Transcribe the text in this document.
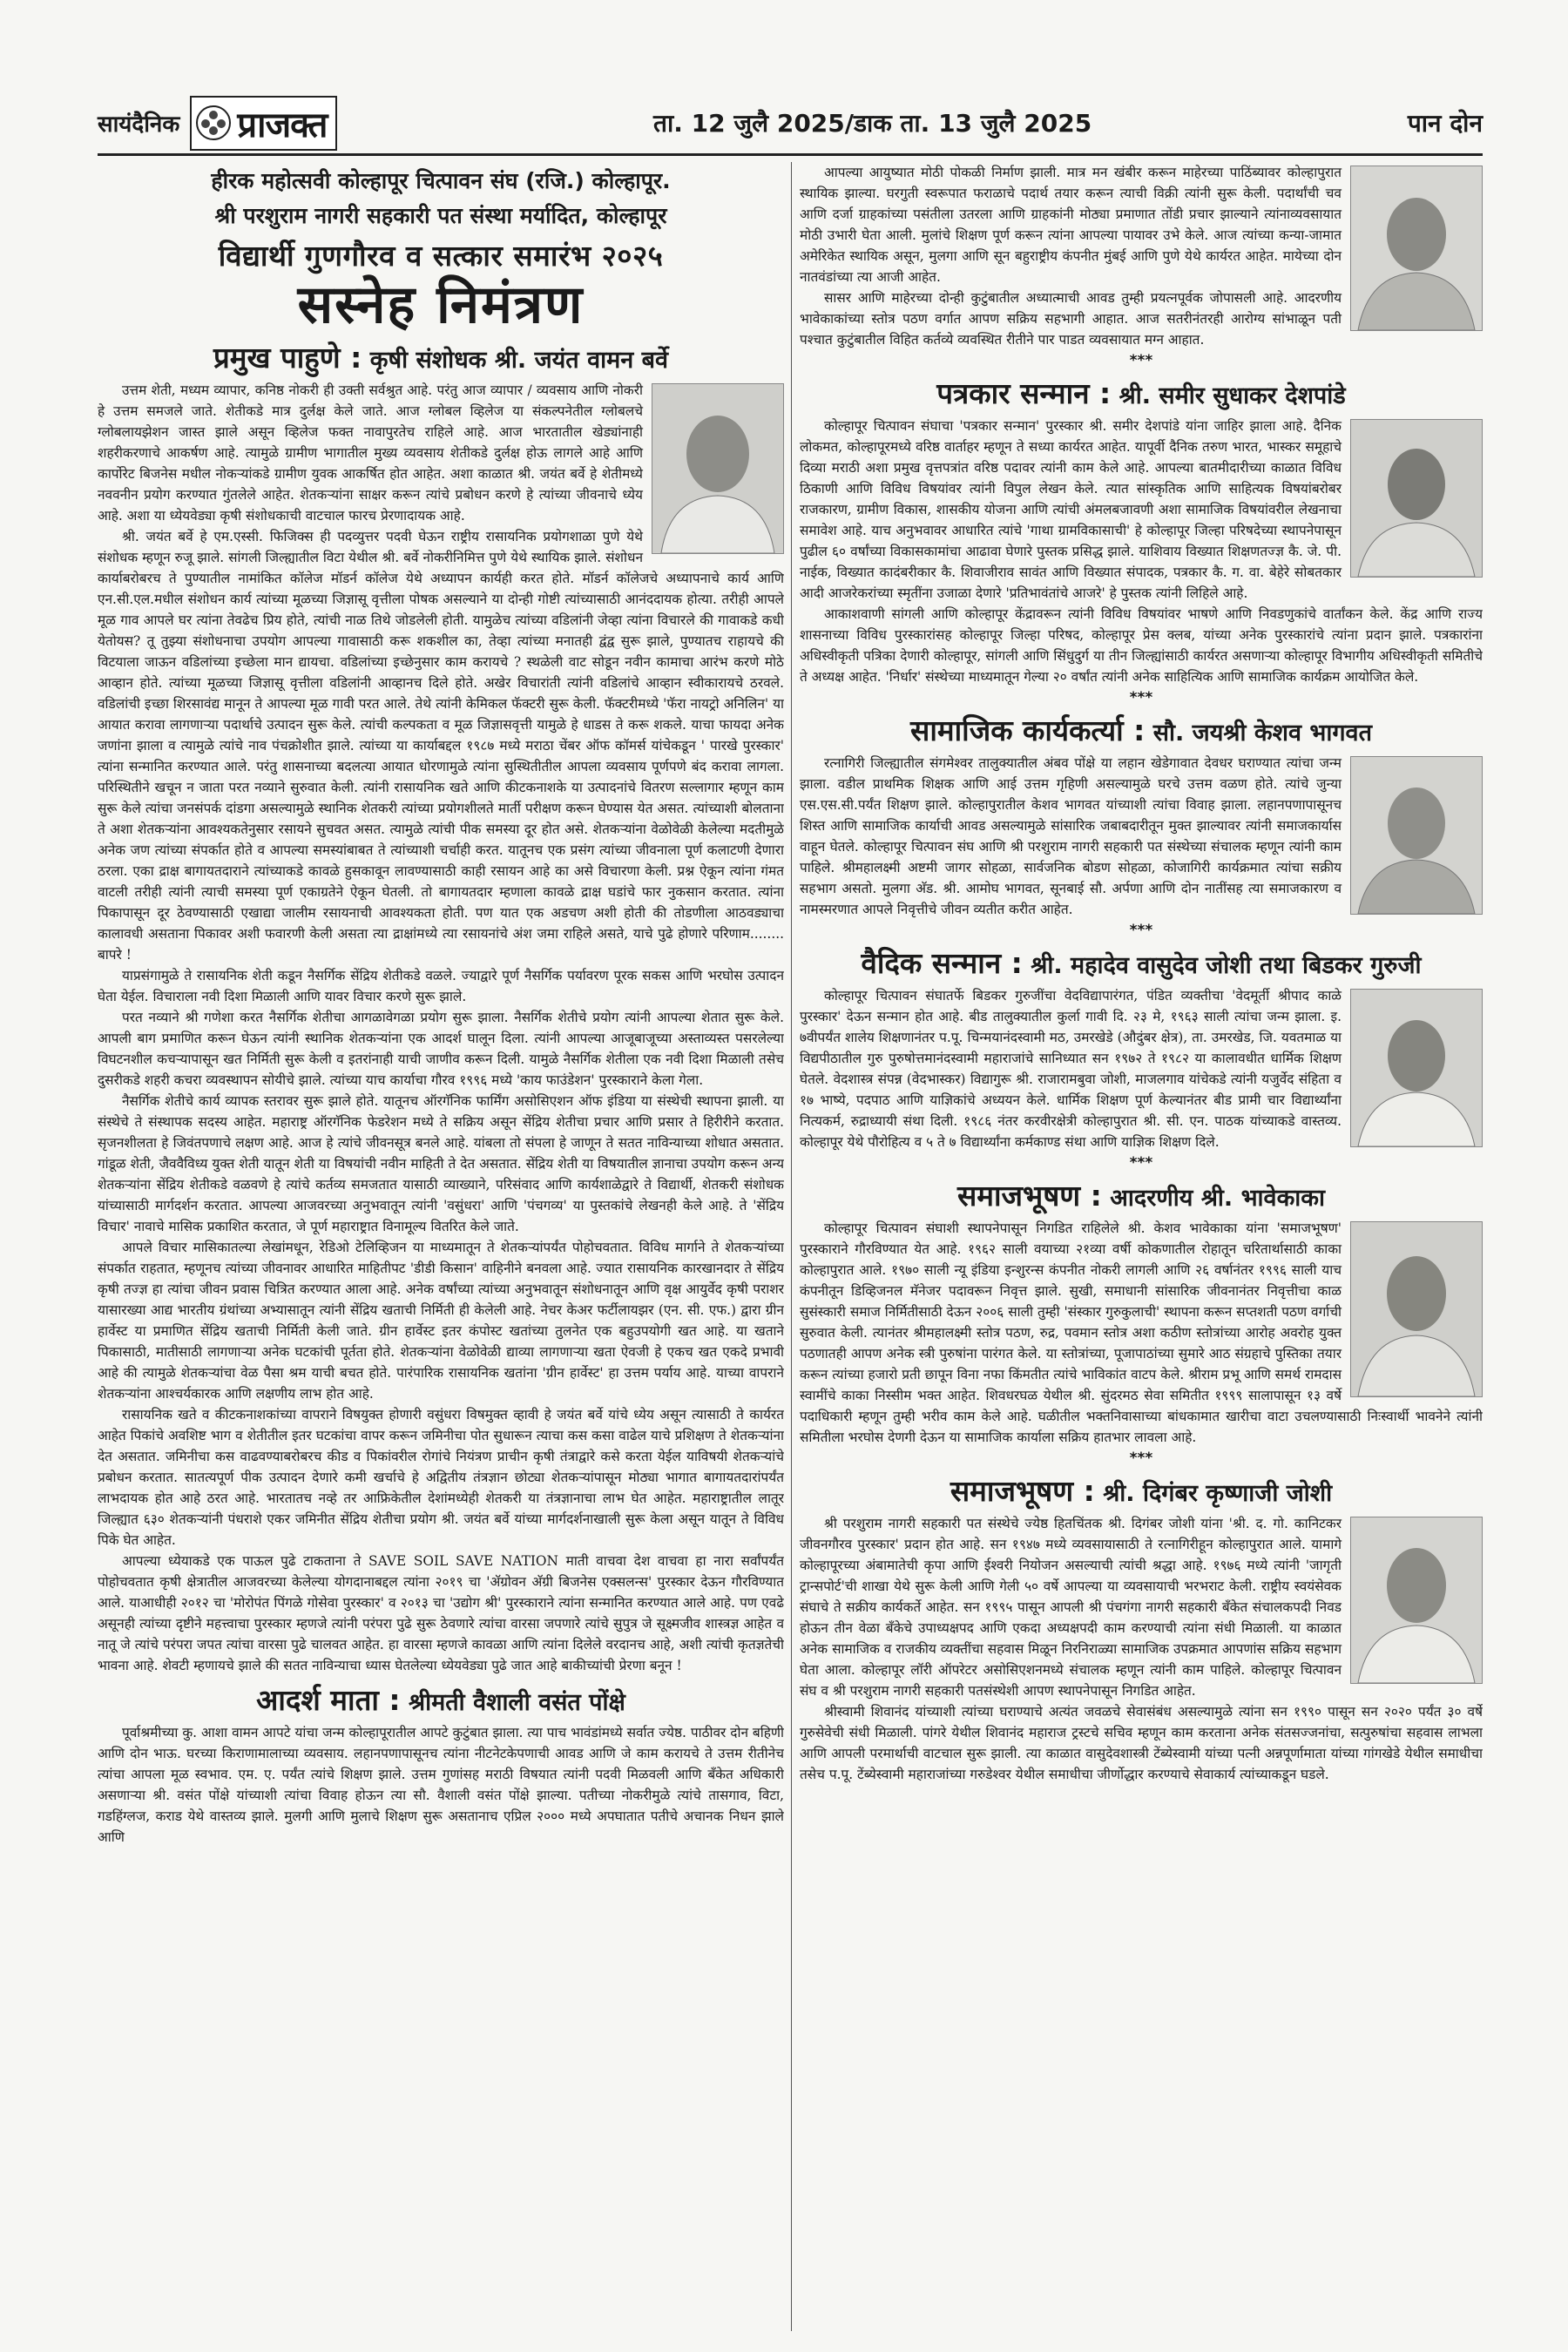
सायंदैनिक प्राजक्त	ता. 12 जुलै 2025/डाक ता. 13 जुलै 2025	पान दोन
हीरक महोत्सवी कोल्हापूर चित्पावन संघ (रजि.) कोल्हापूर.
श्री परशुराम नागरी सहकारी पत संस्था मर्यादित, कोल्हापूर
विद्यार्थी गुणगौरव व सत्कार समारंभ २०२५
सस्नेह निमंत्रण
प्रमुख पाहुणे : कृषी संशोधक श्री. जयंत वामन बर्वे

उत्तम शेती, मध्यम व्यापार, कनिष्ठ नोकरी ही उक्ती सर्वश्रुत आहे. परंतु आज व्यापार / व्यवसाय आणि नोकरी हे उत्तम समजले जाते. शेतीकडे मात्र दुर्लक्ष केले जाते. आज ग्लोबल व्हिलेज या संकल्पनेतील ग्लोबलचे ग्लोबलायझेशन जास्त झाले असून व्हिलेज फक्त नावापुरतेच राहिले आहे. आज भारतातील खेड्यांनाही शहरीकरणाचे आकर्षण आहे. त्यामुळे ग्रामीण भागातील मुख्य व्यवसाय शेतीकडे दुर्लक्ष होऊ लागले आहे आणि कार्पोरेट बिजनेस मधील नोकऱ्यांकडे ग्रामीण युवक आकर्षित होत आहेत. अशा काळात श्री. जयंत बर्वे हे शेतीमध्ये नववनीन प्रयोग करण्यात गुंतलेले आहेत. शेतकऱ्यांना साक्षर करून त्यांचे प्रबोधन करणे हे त्यांच्या जीवनाचे ध्येय आहे. अशा या ध्येयवेड्या कृषी संशोधकाची वाटचाल फारच प्रेरणादायक आहे.

श्री. जयंत बर्वे हे एम.एस्सी. फिजिक्स ही पदव्युत्तर पदवी घेऊन राष्ट्रीय रासायनिक प्रयोगशाळा पुणे येथे संशोधक म्हणून रुजू झाले. सांगली जिल्ह्यातील विटा येथील श्री. बर्वे नोकरीनिमित्त पुणे येथे स्थायिक झाले. संशोधन कार्याबरोबरच ते पुण्यातील नामांकित कॉलेज मॉडर्न कॉलेज येथे अध्यापन कार्यही करत होते. मॉडर्न कॉलेजचे अध्यापनाचे कार्य आणि एन.सी.एल.मधील संशोधन कार्य त्यांच्या मूळच्या जिज्ञासू वृत्तीला पोषक असल्याने या दोन्ही गोष्टी त्यांच्यासाठी आनंददायक होत्या. तरीही आपले मूळ गाव आपले घर त्यांना तेवढेच प्रिय होते, त्यांची नाळ तिथे जोडलेली होती. यामुळेच त्यांच्या वडिलांनी जेव्हा त्यांना विचारले की गावाकडे कधी येतोयस? तू तुझ्या संशोधनाचा उपयोग आपल्या गावासाठी करू शकशील का, तेव्हा त्यांच्या मनातही द्वंद्व सुरू झाले, पुण्यातच राहायचे की विटयाला जाऊन वडिलांच्या इच्छेला मान द्यायचा. वडिलांच्या इच्छेनुसार काम करायचे ? स्थळेली वाट सोडून नवीन कामाचा आरंभ करणे मोठे आव्हान होते. त्यांच्या मूळच्या जिज्ञासू वृत्तीला वडिलांनी आव्हानच दिले होते. अखेर विचारांती त्यांनी वडिलांचे आव्हान स्वीकारायचे ठरवले. वडिलांची इच्छा शिरसावंद्य मानून ते आपल्या मूळ गावी परत आले. तेथे त्यांनी केमिकल फॅक्टरी सुरू केली. फॅक्टरीमध्ये 'फॅरा नायट्रो अनिलिन' या आयात करावा लागणाऱ्या पदार्थाचे उत्पादन सुरू केले. त्यांची कल्पकता व मूळ जिज्ञासवृत्ती यामुळे हे धाडस ते करू शकले. याचा फायदा अनेक जणांना झाला व त्यामुळे त्यांचे नाव पंचक्रोशीत झाले. त्यांच्या या कार्याबद्दल १९८७ मध्ये मराठा चेंबर ऑफ कॉमर्स यांचेकडून ' पारखे पुरस्कार' त्यांना सन्मानित करण्यात आले. परंतु शासनाच्या बदलत्या आयात धोरणामुळे त्यांना सुस्थितीतील आपला व्यवसाय पूर्णपणे बंद करावा लागला. परिस्थितीने खचून न जाता परत नव्याने सुरुवात केली. त्यांनी रासायनिक खते आणि कीटकनाशके या उत्पादनांचे वितरण सल्लागार म्हणून काम सुरू केले त्यांचा जनसंपर्क दांडगा असल्यामुळे स्थानिक शेतकरी त्यांच्या प्रयोगशीलते मार्ती परीक्षण करून घेण्यास येत असत. त्यांच्याशी बोलताना ते अशा शेतकऱ्यांना आवश्यकतेनुसार रसायने सुचवत असत. त्यामुळे त्यांची पीक समस्या दूर होत असे. शेतकऱ्यांना वेळोवेळी केलेल्या मदतीमुळे अनेक जण त्यांच्या संपर्कात होते व आपल्या समस्यांबाबत ते त्यांच्याशी चर्चाही करत. यातूनच एक प्रसंग त्यांच्या जीवनाला पूर्ण कलाटणी देणारा ठरला. एका द्राक्ष बागायतदाराने त्यांच्याकडे कावळे हुसकावून लावण्यासाठी काही रसायन आहे का असे विचारणा केली. प्रश्न ऐकून त्यांना गंमत वाटली तरीही त्यांनी त्याची समस्या पूर्ण एकाग्रतेने ऐकून घेतली. तो बागायतदार म्हणाला कावळे द्राक्ष घडांचे फार नुकसान करतात. त्यांना पिकापासून दूर ठेवण्यासाठी एखाद्या जालीम रसायनाची आवश्यकता होती. पण यात एक अडचण अशी होती की तोडणीला आठवड्याचा कालावधी असताना पिकावर अशी फवारणी केली असता त्या द्राक्षांमध्ये त्या रसायनांचे अंश जमा राहिले असते, याचे पुढे होणारे परिणाम........ बापरे !

याप्रसंगामुळे ते रासायनिक शेती कडून नैसर्गिक सेंद्रिय शेतीकडे वळले. ज्याद्वारे पूर्ण नैसर्गिक पर्यावरण पूरक सकस आणि भरघोस उत्पादन घेता येईल. विचाराला नवी दिशा मिळाली आणि यावर विचार करणे सुरू झाले.

परत नव्याने श्री गणेशा करत नैसर्गिक शेतीचा आगळावेगळा प्रयोग सुरू झाला. नैसर्गिक शेतीचे प्रयोग त्यांनी आपल्या शेतात सुरू केले. आपली बाग प्रमाणित करून घेऊन त्यांनी स्थानिक शेतकऱ्यांना एक आदर्श घालून दिला. त्यांनी आपल्या आजूबाजूच्या अस्ताव्यस्त पसरलेल्या विघटनशील कचऱ्यापासून खत निर्मिती सुरू केली व इतरांनाही याची जाणीव करून दिली. यामुळे नैसर्गिक शेतीला एक नवी दिशा मिळाली तसेच दुसरीकडे शहरी कचरा व्यवस्थापन सोयीचे झाले. त्यांच्या याच कार्याचा गौरव १९९६ मध्ये 'काय फाउंडेशन' पुरस्काराने केला गेला.

नैसर्गिक शेतीचे कार्य व्यापक स्तरावर सुरू झाले होते. यातूनच ऑरगॅनिक फार्मिंग असोसिएशन ऑफ इंडिया या संस्थेची स्थापना झाली. या संस्थेचे ते संस्थापक सदस्य आहेत. महाराष्ट्र ऑरगॅनिक फेडरेशन मध्ये ते सक्रिय असून सेंद्रिय शेतीचा प्रचार आणि प्रसार ते हिरीरीने करतात. सृजनशीलता हे जिवंतपणाचे लक्षण आहे. आज हे त्यांचे जीवनसूत्र बनले आहे. यांबला तो संपला हे जाणून ते सतत नाविन्याच्या शोधात असतात. गांडूळ शेती, जैववैविध्य युक्त शेती यातून शेती या विषयांची नवीन माहिती ते देत असतात. सेंद्रिय शेती या विषयातील ज्ञानाचा उपयोग करून अन्य शेतकऱ्यांना सेंद्रिय शेतीकडे वळवणे हे त्यांचे कर्तव्य समजतात यासाठी व्याख्याने, परिसंवाद आणि कार्यशाळेद्वारे ते विद्यार्थी, शेतकरी संशोधक यांच्यासाठी मार्गदर्शन करतात. आपल्या आजवरच्या अनुभवातून त्यांनी 'वसुंधरा' आणि 'पंचगव्य' या पुस्तकांचे लेखनही केले आहे. ते 'सेंद्रिय विचार' नावाचे मासिक प्रकाशित करतात, जे पूर्ण महाराष्ट्रात विनामूल्य वितरित केले जाते.

आपले विचार मासिकातल्या लेखांमधून, रेडिओ टेलिव्हिजन या माध्यमातून ते शेतकऱ्यांपर्यंत पोहोचवतात. विविध मार्गाने ते शेतकऱ्यांच्या संपर्कात राहतात, म्हणूनच त्यांच्या जीवनावर आधारित माहितीपट 'डीडी किसान' वाहिनीने बनवला आहे. ज्यात रासायनिक कारखानदार ते सेंद्रिय कृषी तज्ज्ञ हा त्यांचा जीवन प्रवास चित्रित करण्यात आला आहे. अनेक वर्षांच्या त्यांच्या अनुभवातून संशोधनातून आणि वृक्ष आयुर्वेद कृषी पराशर यासारख्या आद्य भारतीय ग्रंथांच्या अभ्यासातून त्यांनी सेंद्रिय खताची निर्मिती ही केलेली आहे. नेचर केअर फर्टीलायझर (एन. सी. एफ.) द्वारा ग्रीन हार्वेस्ट या प्रमाणित सेंद्रिय खताची निर्मिती केली जाते. ग्रीन हार्वेस्ट इतर कंपोस्ट खतांच्या तुलनेत एक बहुउपयोगी खत आहे. या खताने पिकासाठी, मातीसाठी लागणाऱ्या अनेक घटकांची पूर्तता होते. शेतकऱ्यांना वेळोवेळी द्याव्या लागणाऱ्या खता ऐवजी हे एकच खत एकदे प्रभावी आहे की त्यामुळे शेतकऱ्यांचा वेळ पैसा श्रम याची बचत होते. पारंपारिक रासायनिक खतांना 'ग्रीन हार्वेस्ट' हा उत्तम पर्याय आहे. याच्या वापराने शेतकऱ्यांना आश्चर्यकारक आणि लक्षणीय लाभ होत आहे.

रासायनिक खते व कीटकनाशकांच्या वापराने विषयुक्त होणारी वसुंधरा विषमुक्त व्हावी हे जयंत बर्वे यांचे ध्येय असून त्यासाठी ते कार्यरत आहेत पिकांचे अवशिष्ट भाग व शेतीतील इतर घटकांचा वापर करून जमिनीचा पोत सुधारून त्याचा कस कसा वाढेल याचे प्रशिक्षण ते शेतकऱ्यांना देत असतात. जमिनीचा कस वाढवण्याबरोबरच कीड व पिकांवरील रोगांचे नियंत्रण प्राचीन कृषी तंत्राद्वारे कसे करता येईल याविषयी शेतकऱ्यांचे प्रबोधन करतात. सातत्यपूर्ण पीक उत्पादन देणारे कमी खर्चाचे हे अद्वितीय तंत्रज्ञान छोट्या शेतकऱ्यांपासून मोठ्या भागात बागायतदारांपर्यंत लाभदायक होत आहे ठरत आहे. भारतातच नव्हे तर आफ्रिकेतील देशांमध्येही शेतकरी या तंत्रज्ञानाचा लाभ घेत आहेत. महाराष्ट्रातील लातूर जिल्ह्यात ६३० शेतकऱ्यांनी पंधराशे एकर जमिनीत सेंद्रिय शेतीचा प्रयोग श्री. जयंत बर्वे यांच्या मार्गदर्शनाखाली सुरू केला असून यातून ते विविध पिके घेत आहेत.

आपल्या ध्येयाकडे एक पाऊल पुढे टाकताना ते SAVE SOIL SAVE NATION माती वाचवा देश वाचवा हा नारा सर्वांपर्यंत पोहोचवतात कृषी क्षेत्रातील आजवरच्या केलेल्या योगदानाबद्दल त्यांना २०१९ चा 'ॲग्रोवन अ‍ॅग्री बिजनेस एक्सलन्स' पुरस्कार देऊन गौरविण्यात आले. याआधीही २०१२ चा 'मोरोपंत पिंगळे गोसेवा पुरस्कार' व २०१३ चा 'उद्योग श्री' पुरस्काराने त्यांना सन्मानित करण्यात आले आहे. पण एवढे असूनही त्यांच्या दृष्टीने महत्त्वाचा पुरस्कार म्हणजे त्यांनी परंपरा पुढे सुरू ठेवणारे त्यांचा वारसा जपणारे त्यांचे सुपुत्र जे सूक्ष्मजीव शास्त्रज्ञ आहेत व नातू जे त्यांचे परंपरा जपत त्यांचा वारसा पुढे चालवत आहेत. हा वारसा म्हणजे कावळा आणि त्यांना दिलेले वरदानच आहे, अशी त्यांची कृतज्ञतेची भावना आहे. शेवटी म्हणायचे झाले की सतत नाविन्याचा ध्यास घेतलेल्या ध्येयवेड्या पुढे जात आहे बाकीच्यांची प्रेरणा बनून !

आदर्श माता : श्रीमती वैशाली वसंत पोंक्षे

पूर्वाश्रमीच्या कु. आशा वामन आपटे यांचा जन्म कोल्हापूरातील आपटे कुटुंबात झाला. त्या पाच भावंडांमध्ये सर्वात ज्येष्ठ. पाठीवर दोन बहिणी आणि दोन भाऊ. घरच्या किराणामालाच्या व्यवसाय. लहानपणापासूनच त्यांना नीटनेटकेपणाची आवड आणि जे काम करायचे ते उत्तम रीतीनेच त्यांचा आपला मूळ स्वभाव. एम. ए. पर्यंत त्यांचे शिक्षण झाले. उत्तम गुणांसह मराठी विषयात त्यांनी पदवी मिळवली आणि बँकेत अधिकारी असणाऱ्या श्री. वसंत पोंक्षे यांच्याशी त्यांचा विवाह होऊन त्या सौ. वैशाली वसंत पोंक्षे झाल्या. पतीच्या नोकरीमुळे त्यांचे तासगाव, विटा, गडहिंग्लज, कराड येथे वास्तव्य झाले. मुलगी आणि मुलाचे शिक्षण सुरू असतानाच एप्रिल २००० मध्ये अपघातात पतीचे अचानक निधन झाले आणि

आपल्या आयुष्यात मोठी पोकळी निर्माण झाली. मात्र मन खंबीर करून माहेरच्या पाठिंब्यावर कोल्हापुरात स्थायिक झाल्या. घरगुती स्वरूपात फराळाचे पदार्थ तयार करून त्याची विक्री त्यांनी सुरू केली. पदार्थांची चव आणि दर्जा ग्राहकांच्या पसंतीला उतरला आणि ग्राहकांनी मोठ्या प्रमाणात तोंडी प्रचार झाल्याने त्यांनाव्यवसायात मोठी उभारी घेता आली. मुलांचे शिक्षण पूर्ण करून त्यांना आपल्या पायावर उभे केले. आज त्यांच्या कन्या-जामात अमेरिकेत स्थायिक असून, मुलगा आणि सून बहुराष्ट्रीय कंपनीत मुंबई आणि पुणे येथे कार्यरत आहेत. मायेच्या दोन नातवंडांच्या त्या आजी आहेत.

सासर आणि माहेरच्या दोन्ही कुटुंबातील अध्यात्माची आवड तुम्ही प्रयत्नपूर्वक जोपासली आहे. आदरणीय भावेकाकांच्या स्तोत्र पठण वर्गात आपण सक्रिय सहभागी आहात. आज सतरीनंतरही आरोग्य सांभाळून पती पश्चात कुटुंबातील विहित कर्तव्ये व्यवस्थित रीतीने पार पाडत व्यवसायात मग्न आहात.

***
पत्रकार सन्मान : श्री. समीर सुधाकर देशपांडे

कोल्हापूर चित्पावन संघाचा 'पत्रकार सन्मान' पुरस्कार श्री. समीर देशपांडे यांना जाहिर झाला आहे. दैनिक लोकमत, कोल्हापूरमध्ये वरिष्ठ वार्ताहर म्हणून ते सध्या कार्यरत आहेत. यापूर्वी दैनिक तरुण भारत, भास्कर समूहाचे दिव्या मराठी अशा प्रमुख वृत्तपत्रांत वरिष्ठ पदावर त्यांनी काम केले आहे. आपल्या बातमीदारीच्या काळात विविध ठिकाणी आणि विविध विषयांवर त्यांनी विपुल लेखन केले. त्यात सांस्कृतिक आणि साहित्यक विषयांबरोबर राजकारण, ग्रामीण विकास, शासकीय योजना आणि त्यांची अंमलबजावणी अशा सामाजिक विषयांवरील लेखनाचा समावेश आहे. याच अनुभवावर आधारित त्यांचे 'गाथा ग्रामविकासाची' हे कोल्हापूर जिल्हा परिषदेच्या स्थापनेपासून पुढील ६० वर्षांच्या विकासकामांचा आढावा घेणारे पुस्तक प्रसिद्ध झाले. याशिवाय विख्यात शिक्षणतज्ज्ञ कै. जे. पी. नाईक, विख्यात कादंबरीकार कै. शिवाजीराव सावंत आणि विख्यात संपादक, पत्रकार कै. ग. वा. बेहेरे सोबतकार आदी आजरेकरांच्या स्मृतींना उजाळा देणारे 'प्रतिभावंतांचे आजरे' हे पुस्तक त्यांनी लिहिले आहे.

आकाशवाणी सांगली आणि कोल्हापूर केंद्रावरून त्यांनी विविध विषयांवर भाषणे आणि निवडणुकांचे वार्तांकन केले. केंद्र आणि राज्य शासनाच्या विविध पुरस्कारांसह कोल्हापूर जिल्हा परिषद, कोल्हापूर प्रेस क्लब, यांच्या अनेक पुरस्कारांचे त्यांना प्रदान झाले. पत्रकारांना अधिस्वीकृती पत्रिका देणारी कोल्हापूर, सांगली आणि सिंधुदुर्ग या तीन जिल्ह्यांसाठी कार्यरत असणाऱ्या कोल्हापूर विभागीय अधिस्वीकृती समितीचे ते अध्यक्ष आहेत. 'निर्धार' संस्थेच्या माध्यमातून गेल्या २० वर्षांत त्यांनी अनेक साहित्यिक आणि सामाजिक कार्यक्रम आयोजित केले.

***
सामाजिक कार्यकर्त्या : सौ. जयश्री केशव भागवत

रत्नागिरी जिल्ह्यातील संगमेश्वर तालुक्यातील अंबव पोंक्षे या लहान खेडेगावात देवधर घराण्यात त्यांचा जन्म झाला. वडील प्राथमिक शिक्षक आणि आई उत्तम गृहिणी असल्यामुळे घरचे उत्तम वळण होते. त्यांचे जुन्या एस.एस.सी.पर्यंत शिक्षण झाले. कोल्हापुरातील केशव भागवत यांच्याशी त्यांचा विवाह झाला. लहानपणापासूनच शिस्त आणि सामाजिक कार्याची आवड असल्यामुळे सांसारिक जबाबदारीतून मुक्त झाल्यावर त्यांनी समाजकार्यास वाहून घेतले. कोल्हापूर चित्पावन संघ आणि श्री परशुराम नागरी सहकारी पत संस्थेच्या संचालक म्हणून त्यांनी काम पाहिले. श्रीमहालक्ष्मी अष्टमी जागर सोहळा, सार्वजनिक बोडण सोहळा, कोजागिरी कार्यक्रमात त्यांचा सक्रीय सहभाग असतो. मुलगा अ‍ॅड. श्री. आमोघ भागवत, सूनबाई सौ. अर्पणा आणि दोन नातींसह त्या समाजकारण व नामस्मरणात आपले निवृत्तीचे जीवन व्यतीत करीत आहेत.

***
वैदिक सन्मान : श्री. महादेव वासुदेव जोशी तथा बिडकर गुरुजी

कोल्हापूर चित्पावन संघातर्फे बिडकर गुरुजींचा वेदविद्यापारंगत, पंडित व्यक्तीचा 'वेदमूर्ती श्रीपाद काळे पुरस्कार' देऊन सन्मान होत आहे. बीड तालुक्यातील कुर्ला गावी दि. २३ मे, १९६३ साली त्यांचा जन्म झाला. इ. ७वीपर्यंत शालेय शिक्षणानंतर प.पू. चिन्मयानंदस्वामी मठ, उमरखेडे (औदुंबर क्षेत्र), ता. उमरखेड, जि. यवतमाळ या विद्यपीठातील गुरु पुरुषोत्तमानंदस्वामी महाराजांचे सानिध्यात सन १९७२ ते १९८२ या कालावधीत धार्मिक शिक्षण घेतले. वेदशास्त्र संपन्न (वेदभास्कर) विद्यागुरू श्री. राजारामबुवा जोशी, माजलगाव यांचेकडे त्यांनी यजुर्वेद संहिता व १७ भाष्ये, पदपाठ आणि याज्ञिकांचे अध्ययन केले. धार्मिक शिक्षण पूर्ण केल्यानंतर बीड प्रामी चार विद्यार्थ्यांना नित्यकर्म, रुद्राध्यायी संथा दिली. १९८६ नंतर करवीरक्षेत्री कोल्हापुरात श्री. सी. एन. पाठक यांच्याकडे वास्तव्य. कोल्हापूर येथे पौरोहित्य व ५ ते ७ विद्यार्थ्यांना कर्मकाण्ड संथा आणि याज्ञिक शिक्षण दिले.

***
समाजभूषण : आदरणीय श्री. भावेकाका

कोल्हापूर चित्पावन संघाशी स्थापनेपासून निगडित राहिलेले श्री. केशव भावेकाका यांना 'समाजभूषण' पुरस्काराने गौरविण्यात येत आहे. १९६२ साली वयाच्या २१व्या वर्षी कोकणातील रोहातून चरितार्थासाठी काका कोल्हापुरात आले. १९७० साली न्यू इंडिया इन्शुरन्स कंपनीत नोकरी लागली आणि २६ वर्षानंतर १९९६ साली याच कंपनीतून डिव्हिजनल मॅनेजर पदावरून निवृत्त झाले. सुखी, समाधानी सांसारिक जीवनानंतर निवृत्तीचा काळ सुसंस्कारी समाज निर्मितीसाठी देऊन २००६ साली तुम्ही 'संस्कार गुरुकुलाची' स्थापना करून सप्तशती पठण वर्गाची सुरुवात केली. त्यानंतर श्रीमहालक्ष्मी स्तोत्र पठण, रुद्र, पवमान स्तोत्र अशा कठीण स्तोत्रांच्या आरोह अवरोह युक्त पठणातही आपण अनेक स्त्री पुरुषांना पारंगत केले. या स्तोत्रांच्या, पूजापाठांच्या सुमारे आठ संग्रहाचे पुस्तिका तयार करून त्यांच्या हजारो प्रती छापून विना नफा किंमतीत त्यांचे भाविकांत वाटप केले. श्रीराम प्रभू आणि समर्थ रामदास स्वामींचे काका निस्सीम भक्त आहेत. शिवधरघळ येथील श्री. सुंदरमठ सेवा समितीत १९९९ सालापासून १३ वर्षे पदाधिकारी म्हणून तुम्ही भरीव काम केले आहे. घळीतील भक्तनिवासाच्या बांधकामात खारीचा वाटा उचलण्यासाठी निःस्वार्थी भावनेने त्यांनी समितीला भरघोस देणगी देऊन या सामाजिक कार्याला सक्रिय हातभार लावला आहे.

***
समाजभूषण : श्री. दिगंबर कृष्णाजी जोशी

श्री परशुराम नागरी सहकारी पत संस्थेचे ज्येष्ठ हितचिंतक श्री. दिगंबर जोशी यांना 'श्री. द. गो. कानिटकर जीवनगौरव पुरस्कार' प्रदान होत आहे. सन १९४७ मध्ये व्यवसायासाठी ते रत्नागिरीहून कोल्हापुरात आले. यामागे कोल्हापूरच्या अंबामातेची कृपा आणि ईश्वरी नियोजन असल्याची त्यांची श्रद्धा आहे. १९७६ मध्ये त्यांनी 'जागृती ट्रान्सपोर्ट'ची शाखा येथे सुरू केली आणि गेली ५० वर्षे आपल्या या व्यवसायाची भरभराट केली. राष्ट्रीय स्वयंसेवक संघाचे ते सक्रीय कार्यकर्ते आहेत. सन १९९५ पासून आपली श्री पंचगंगा नागरी सहकारी बँकेत संचालकपदी निवड होऊन तीन वेळा बँकेचे उपाध्यक्षपद आणि एकदा अध्यक्षपदी काम करण्याची त्यांना संधी मिळाली. या काळात अनेक सामाजिक व राजकीय व्यक्तींचा सहवास मिळून निरनिराळ्या सामाजिक उपक्रमात आपणांस सक्रिय सहभाग घेता आला. कोल्हापूर लॉरी ऑपरेटर असोसिएशनमध्ये संचालक म्हणून त्यांनी काम पाहिले. कोल्हापूर चित्पावन संघ व श्री परशुराम नागरी सहकारी पतसंस्थेशी आपण स्थापनेपासून निगडित आहेत.

श्रीस्वामी शिवानंद यांच्याशी त्यांच्या घराण्याचे अत्यंत जवळचे सेवासंबंध असल्यामुळे त्यांना सन १९९० पासून सन २०२० पर्यंत ३० वर्षे गुरुसेवेची संधी मिळाली. पांगरे येथील शिवानंद महाराज ट्रस्टचे सचिव म्हणून काम करताना अनेक संतसज्जनांचा, सत्पुरुषांचा सहवास लाभला आणि आपली परमार्थाची वाटचाल सुरू झाली. त्या काळात वासुदेवशास्त्री टेंब्येस्वामी यांच्या पत्नी अन्नपूर्णामाता यांच्या गांगखेडे येथील समाधीचा तसेच प.पू. टेंब्येस्वामी महाराजांच्या गरुडेश्वर येथील समाधीचा जीर्णोद्धार करण्याचे सेवाकार्य त्यांच्याकडून घडले.
